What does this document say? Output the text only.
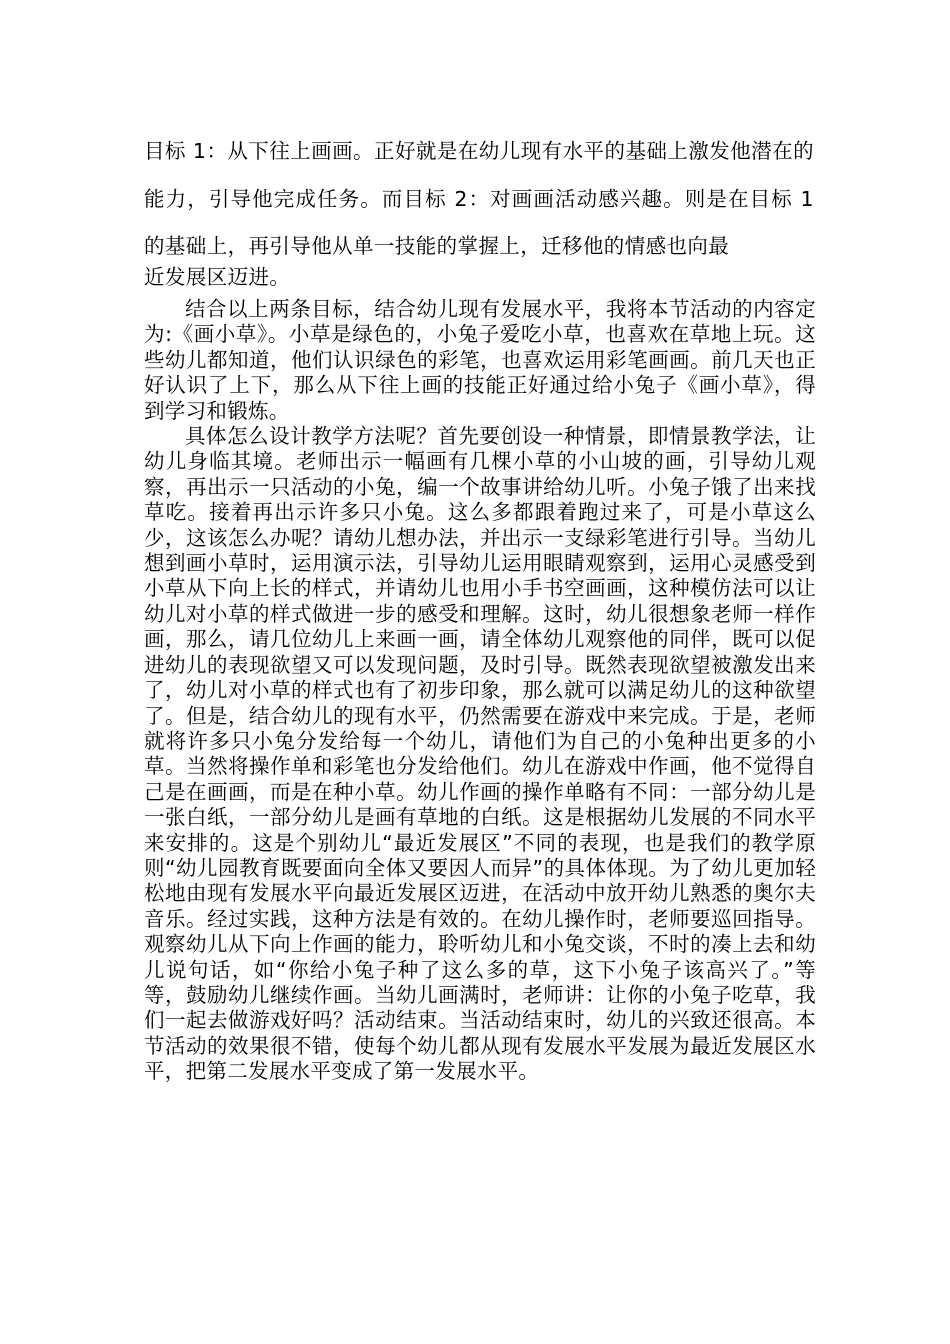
目标 1：从下往上画画。正好就是在幼儿现有水平的基础上激发他潜在的能力，引导他完成任务。而目标 2：对画画活动感兴趣。则是在目标 1 的基础上，再引导他从单一技能的掌握上，迁移他的情感也向最
近发展区迈进。

结合以上两条目标，结合幼儿现有发展水平，我将本节活动的内容定为:《画小草》。小草是绿色的，小兔子爱吃小草，也喜欢在草地上玩。这些幼儿都知道，他们认识绿色的彩笔，也喜欢运用彩笔画画。前几天也正好认识了上下，那么从下往上画的技能正好通过给小兔子《画小草》，得到学习和锻炼。

具体怎么设计教学方法呢？首先要创设一种情景，即情景教学法，让幼儿身临其境。老师出示一幅画有几棵小草的小山坡的画，引导幼儿观察，再出示一只活动的小兔，编一个故事讲给幼儿听。小兔子饿了出来找草吃。接着再出示许多只小兔。这么多都跟着跑过来了，可是小草这么少，这该怎么办呢？请幼儿想办法，并出示一支绿彩笔进行引导。当幼儿想到画小草时，运用演示法，引导幼儿运用眼睛观察到，运用心灵感受到小草从下向上长的样式，并请幼儿也用小手书空画画，这种模仿法可以让幼儿对小草的样式做进一步的感受和理解。这时，幼儿很想象老师一样作画，那么，请几位幼儿上来画一画，请全体幼儿观察他的同伴，既可以促进幼儿的表现欲望又可以发现问题，及时引导。既然表现欲望被激发出来了，幼儿对小草的样式也有了初步印象，那么就可以满足幼儿的这种欲望了。但是，结合幼儿的现有水平，仍然需要在游戏中来完成。于是，老师就将许多只小兔分发给每一个幼儿，请他们为自己的小兔种出更多的小草。当然将操作单和彩笔也分发给他们。幼儿在游戏中作画，他不觉得自己是在画画，而是在种小草。幼儿作画的操作单略有不同：一部分幼儿是一张白纸，一部分幼儿是画有草地的白纸。这是根据幼儿发展的不同水平来安排的。这是个别幼儿“最近发展区”不同的表现，也是我们的教学原则“幼儿园教育既要面向全体又要因人而异”的具体体现。为了幼儿更加轻松地由现有发展水平向最近发展区迈进，在活动中放开幼儿熟悉的奥尔夫音乐。经过实践，这种方法是有效的。在幼儿操作时，老师要巡回指导。观察幼儿从下向上作画的能力，聆听幼儿和小兔交谈，不时的凑上去和幼儿说句话，如“你给小兔子种了这么多的草，这下小兔子该高兴了。”等等，鼓励幼儿继续作画。当幼儿画满时，老师讲：让你的小兔子吃草，我们一起去做游戏好吗？活动结束。当活动结束时，幼儿的兴致还很高。本节活动的效果很不错，使每个幼儿都从现有发展水平发展为最近发展区水平，把第二发展水平变成了第一发展水平。
